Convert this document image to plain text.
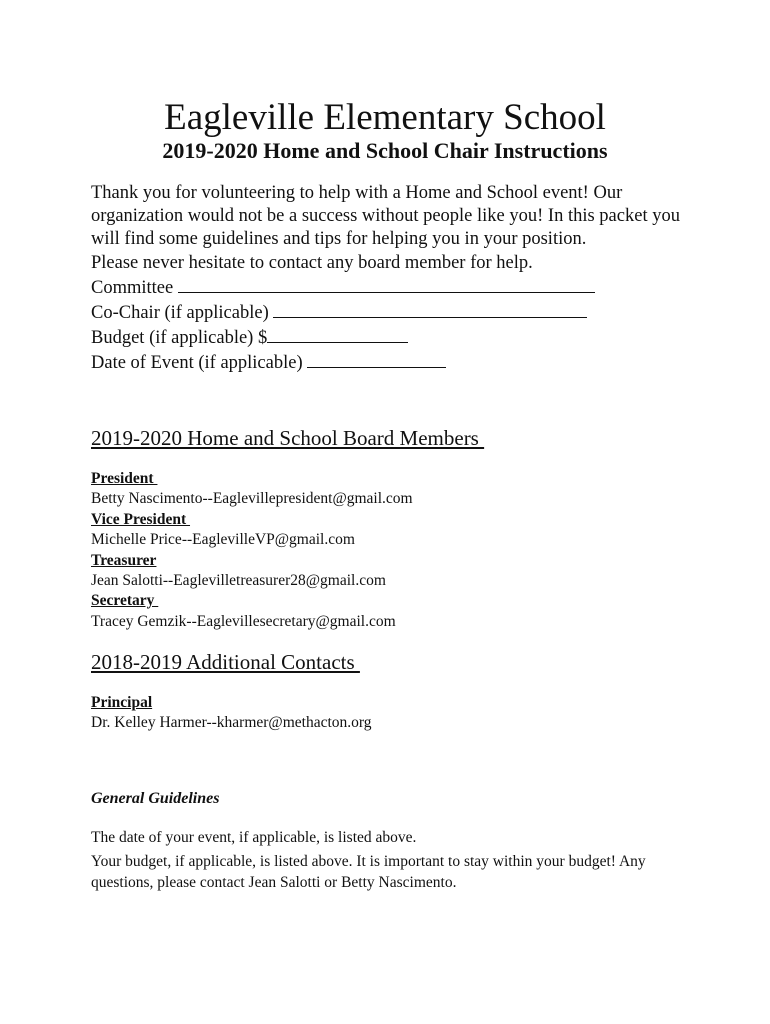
Eagleville Elementary School
2019-2020 Home and School Chair Instructions

Thank you for volunteering to help with a Home and School event! Our organization would not be a success without people like you! In this packet you will find some guidelines and tips for helping you in your position.

Please never hesitate to contact any board member for help.

Committee
Co-Chair (if applicable)
Budget (if applicable) $
Date of Event (if applicable)
2019-2020 Home and School Board Members
President
Betty Nascimento--Eaglevillepresident@gmail.com
Vice President
Michelle Price--EaglevilleVP@gmail.com
Treasurer
Jean Salotti--Eaglevilletreasurer28@gmail.com
Secretary
Tracey Gemzik--Eaglevillesecretary@gmail.com
2018-2019 Additional Contacts
Principal
Dr. Kelley Harmer--kharmer@methacton.org
General Guidelines

The date of your event, if applicable, is listed above.

Your budget, if applicable, is listed above. It is important to stay within your budget! Any questions, please contact Jean Salotti or Betty Nascimento.
